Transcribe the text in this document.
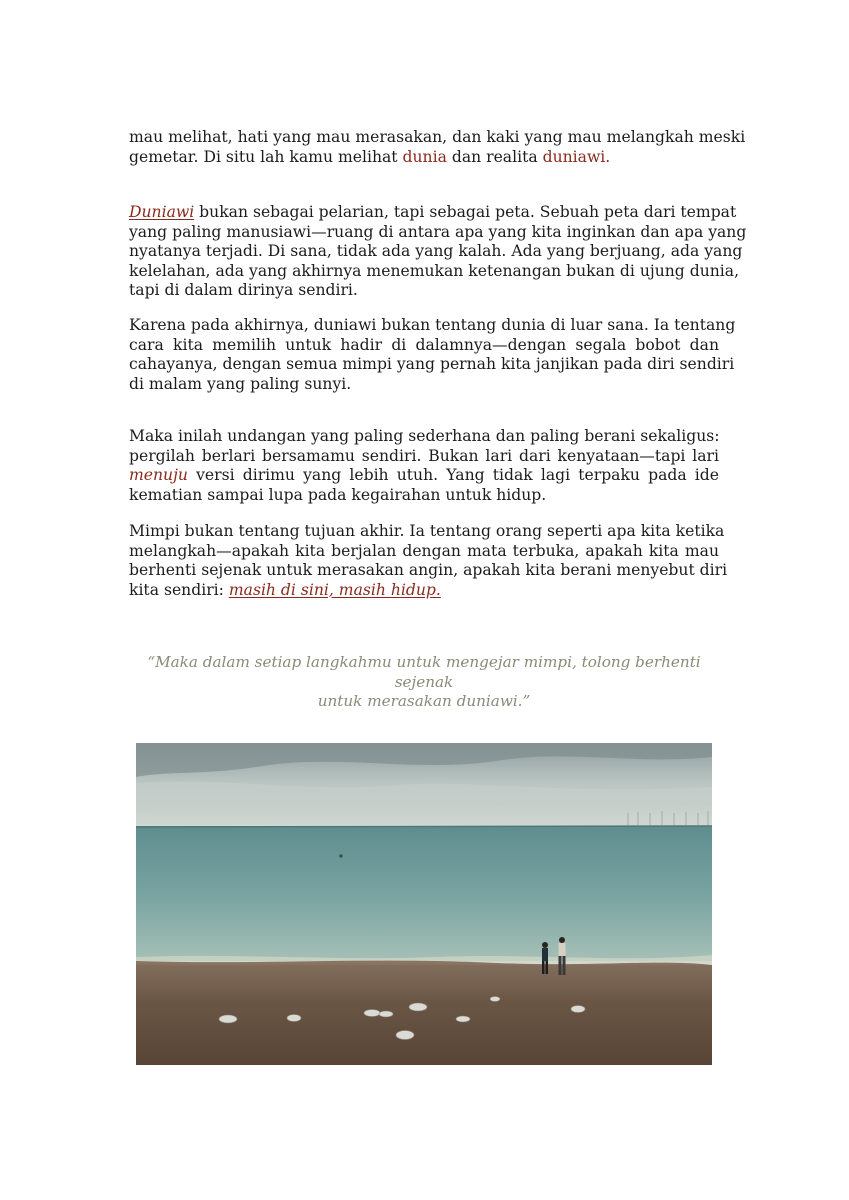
mau melihat, hati yang mau merasakan, dan kaki yang mau melangkah meski
gemetar. Di situ lah kamu melihat dunia dan realita duniawi.

Duniawi bukan sebagai pelarian, tapi sebagai peta. Sebuah peta dari tempat
yang paling manusiawi—ruang di antara apa yang kita inginkan dan apa yang
nyatanya terjadi. Di sana, tidak ada yang kalah. Ada yang berjuang, ada yang
kelelahan, ada yang akhirnya menemukan ketenangan bukan di ujung dunia,
tapi di dalam dirinya sendiri.

Karena pada akhirnya, duniawi bukan tentang dunia di luar sana. Ia tentang
cara kita memilih untuk hadir di dalamnya—dengan segala bobot dan
cahayanya, dengan semua mimpi yang pernah kita janjikan pada diri sendiri
di malam yang paling sunyi.

Maka inilah undangan yang paling sederhana dan paling berani sekaligus:
pergilah berlari bersamamu sendiri. Bukan lari dari kenyataan—tapi lari
menuju versi dirimu yang lebih utuh. Yang tidak lagi terpaku pada ide
kematian sampai lupa pada kegairahan untuk hidup.

Mimpi bukan tentang tujuan akhir. Ia tentang orang seperti apa kita ketika
melangkah—apakah kita berjalan dengan mata terbuka, apakah kita mau
berhenti sejenak untuk merasakan angin, apakah kita berani menyebut diri
kita sendiri: masih di sini, masih hidup.

“Maka dalam setiap langkahmu untuk mengejar mimpi, tolong berhenti sejenak
untuk merasakan duniawi.”
